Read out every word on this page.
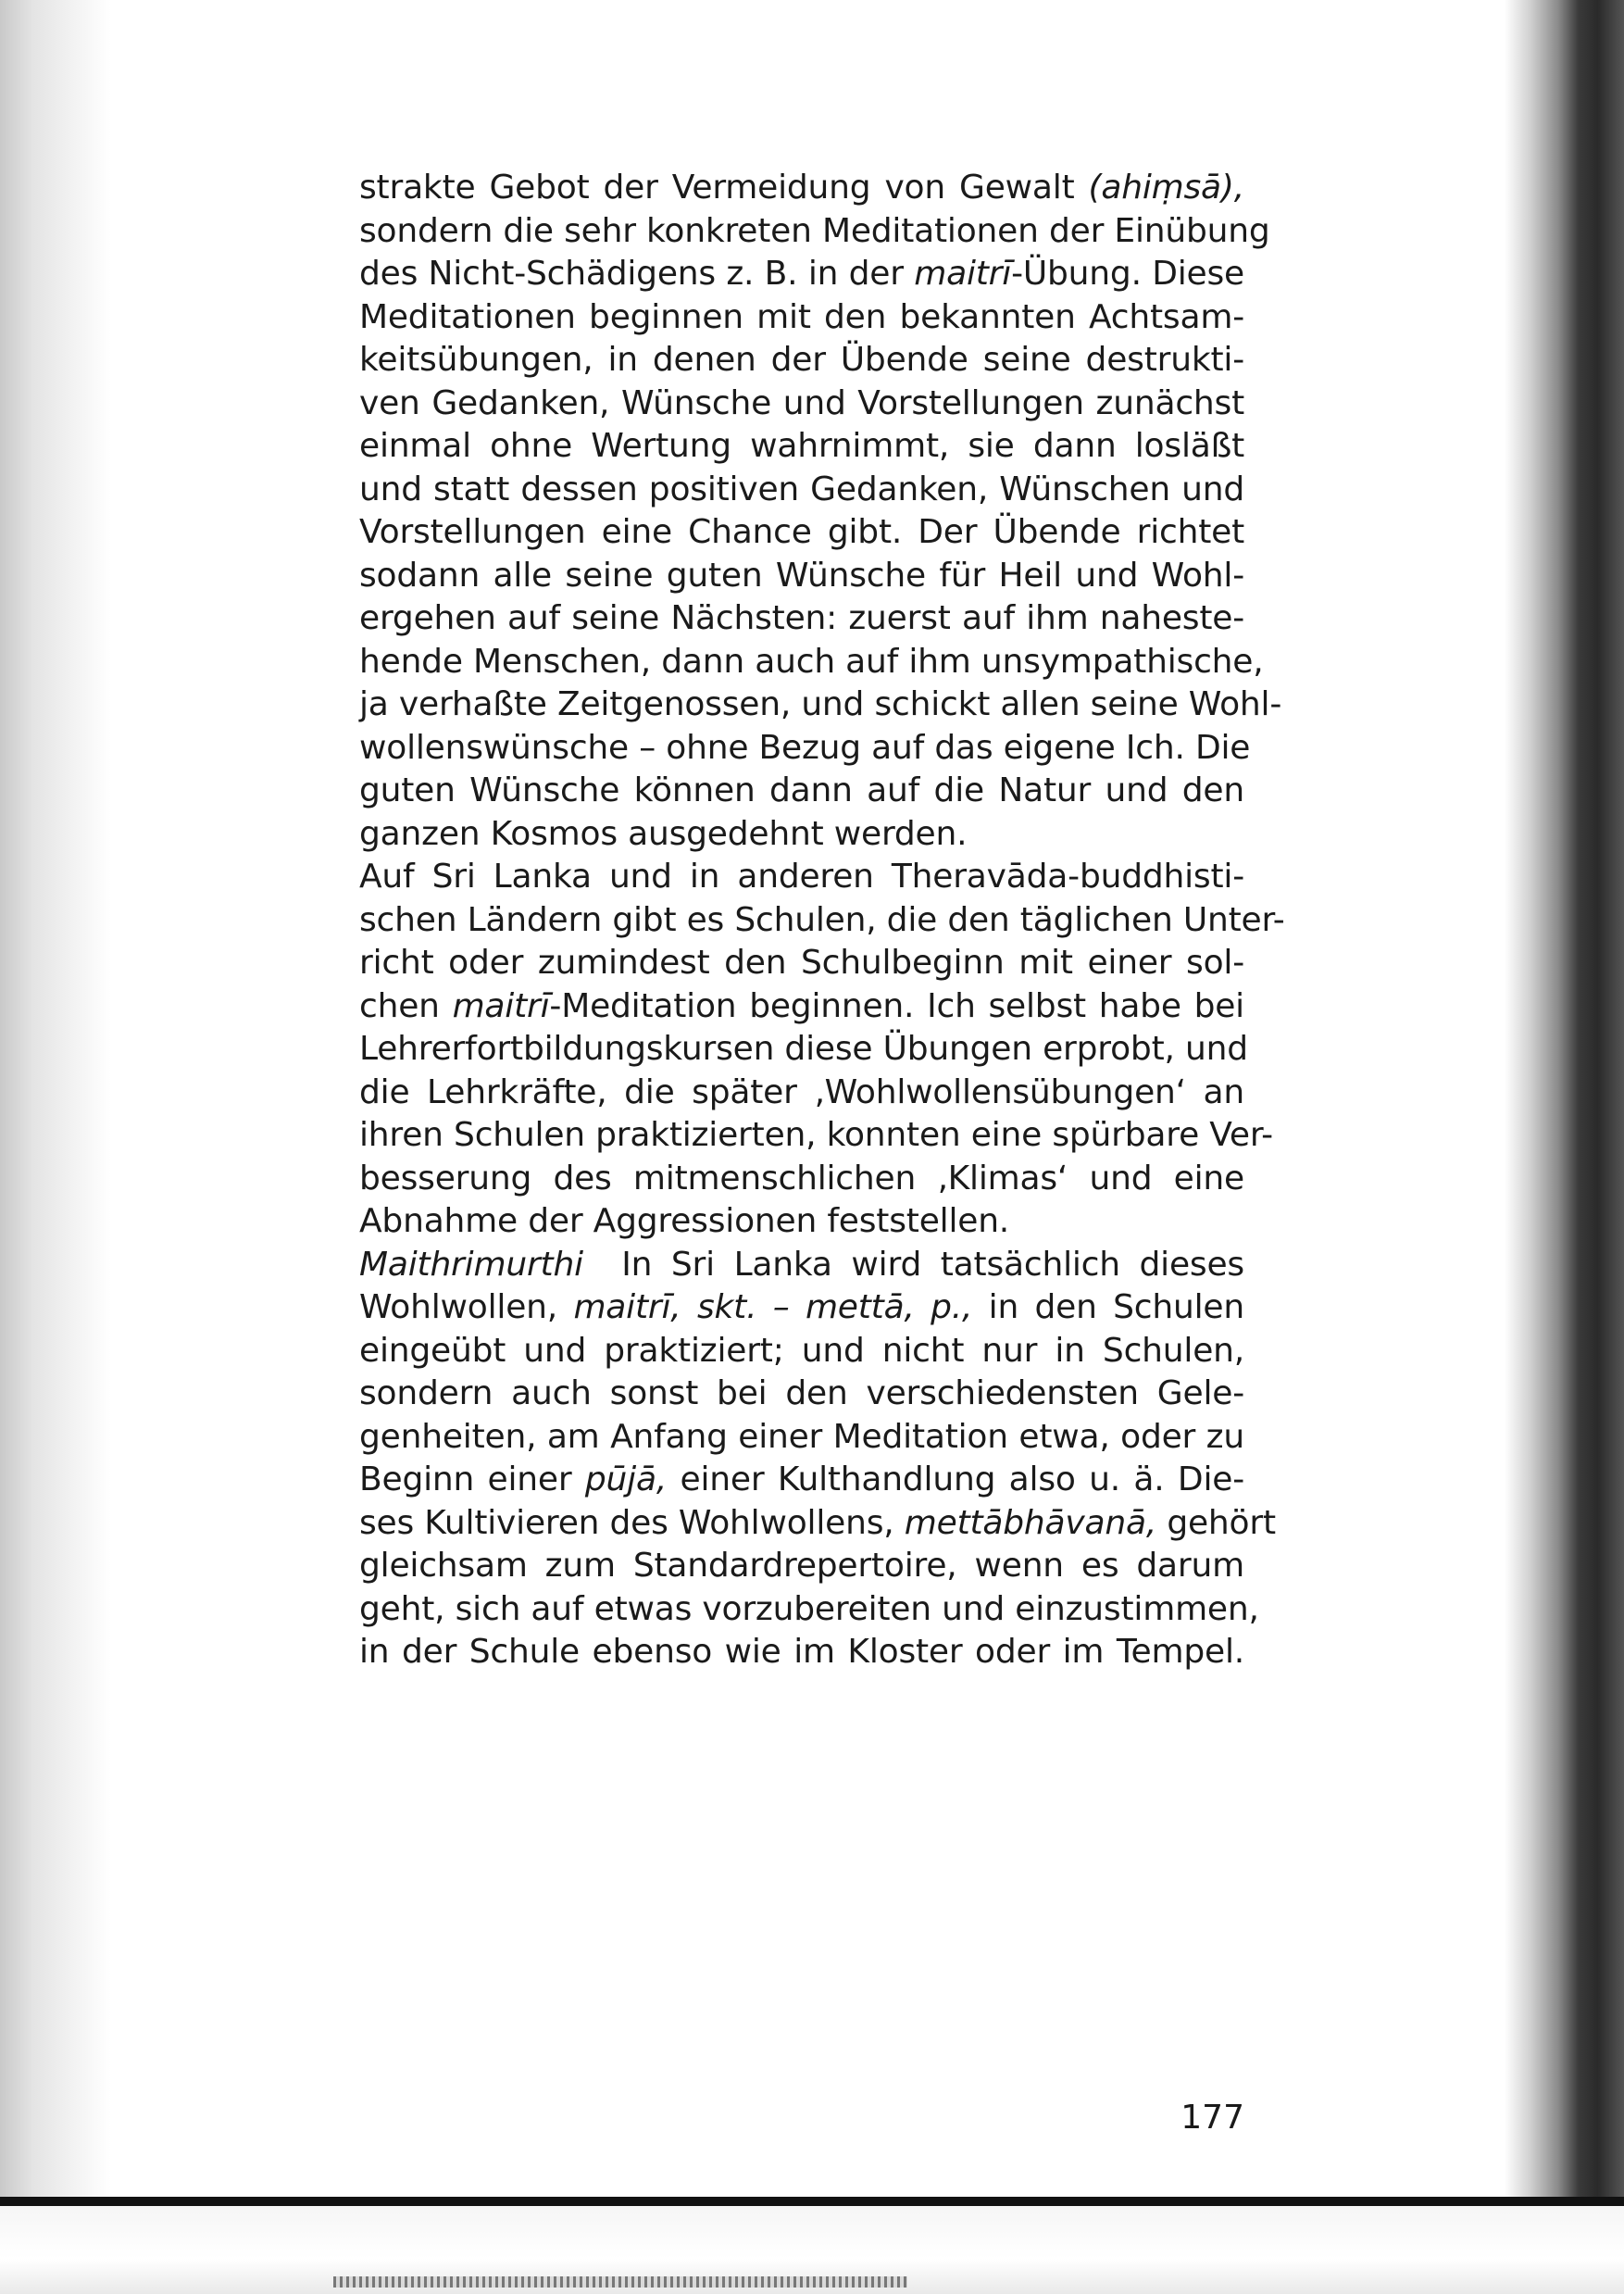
strakte Gebot der Vermeidung von Gewalt (ahiṃsā),
sondern die sehr konkreten Meditationen der Einübung
des Nicht-Schädigens z. B. in der maitrī-Übung. Diese
Meditationen beginnen mit den bekannten Achtsam-
keitsübungen, in denen der Übende seine destrukti-
ven Gedanken, Wünsche und Vorstellungen zunächst
einmal ohne Wertung wahrnimmt, sie dann losläßt
und statt dessen positiven Gedanken, Wünschen und
Vorstellungen eine Chance gibt. Der Übende richtet
sodann alle seine guten Wünsche für Heil und Wohl-
ergehen auf seine Nächsten: zuerst auf ihm naheste-
hende Menschen, dann auch auf ihm unsympathische,
ja verhaßte Zeitgenossen, und schickt allen seine Wohl-
wollenswünsche – ohne Bezug auf das eigene Ich. Die
guten Wünsche können dann auf die Natur und den
ganzen Kosmos ausgedehnt werden.
Auf Sri Lanka und in anderen Theravāda-buddhisti-
schen Ländern gibt es Schulen, die den täglichen Unter-
richt oder zumindest den Schulbeginn mit einer sol-
chen maitrī-Meditation beginnen. Ich selbst habe bei
Lehrerfortbildungskursen diese Übungen erprobt, und
die Lehrkräfte, die später ‚Wohlwollensübungen‘ an
ihren Schulen praktizierten, konnten eine spürbare Ver-
besserung des mitmenschlichen ‚Klimas‘ und eine
Abnahme der Aggressionen feststellen.
Maithrimurthi  In Sri Lanka wird tatsächlich dieses
Wohlwollen, maitrī, skt. – mettā, p., in den Schulen
eingeübt und praktiziert; und nicht nur in Schulen,
sondern auch sonst bei den verschiedensten Gele-
genheiten, am Anfang einer Meditation etwa, oder zu
Beginn einer pūjā, einer Kulthandlung also u. ä. Die-
ses Kultivieren des Wohlwollens, mettābhāvanā, gehört
gleichsam zum Standardrepertoire, wenn es darum
geht, sich auf etwas vorzubereiten und einzustimmen,
in der Schule ebenso wie im Kloster oder im Tempel.
177
